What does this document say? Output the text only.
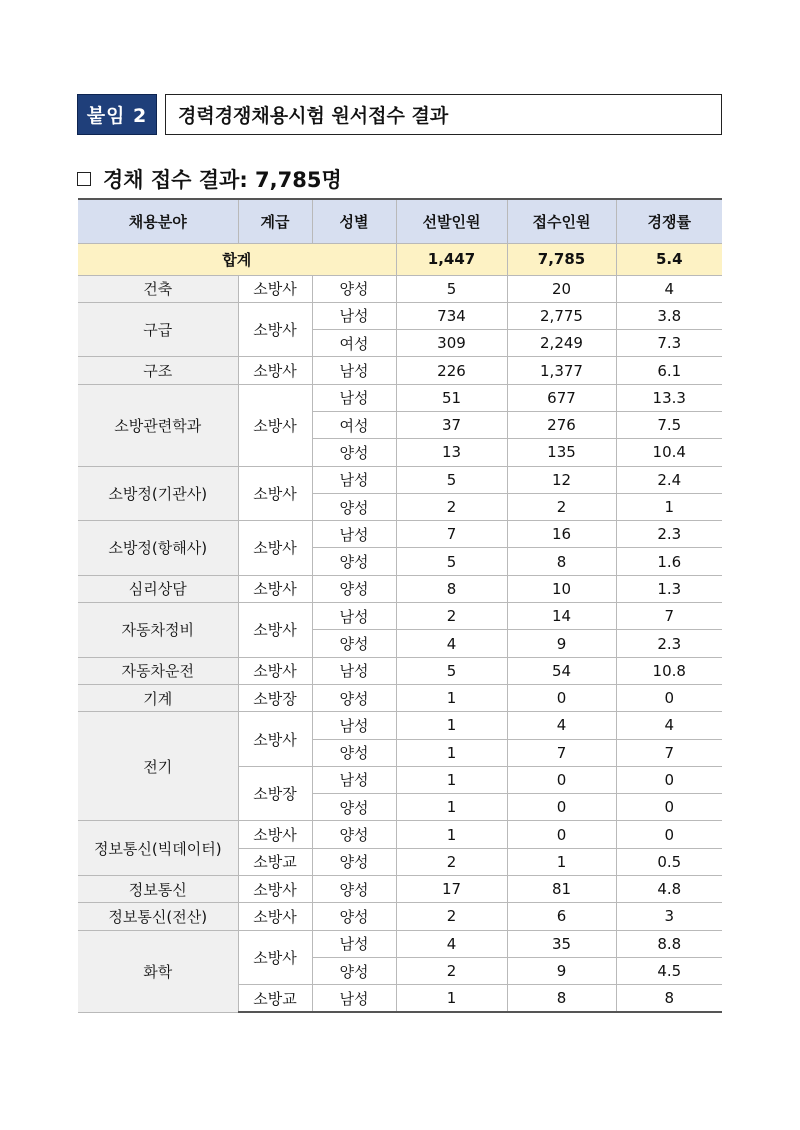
붙임 2	경력경쟁채용시험 원서접수 결과
경채 접수 결과: 7,785명
채용분야	계급	성별	선발인원	접수인원	경쟁률
합계			1,447	7,785	5.4
건축	소방사	양성	5	20	4
구급	소방사	남성	734	2,775	3.8
		여성	309	2,249	7.3
구조	소방사	남성	226	1,377	6.1
소방관련학과	소방사	남성	51	677	13.3
		여성	37	276	7.5
		양성	13	135	10.4
소방정(기관사)	소방사	남성	5	12	2.4
		양성	2	2	1
소방정(항해사)	소방사	남성	7	16	2.3
		양성	5	8	1.6
심리상담	소방사	양성	8	10	1.3
자동차정비	소방사	남성	2	14	7
		양성	4	9	2.3
자동차운전	소방사	남성	5	54	10.8
기계	소방장	양성	1	0	0
전기	소방사	남성	1	4	4
		양성	1	7	7
	소방장	남성	1	0	0
		양성	1	0	0
정보통신(빅데이터)	소방사	양성	1	0	0
	소방교	양성	2	1	0.5
정보통신	소방사	양성	17	81	4.8
정보통신(전산)	소방사	양성	2	6	3
화학	소방사	남성	4	35	8.8
		양성	2	9	4.5
	소방교	남성	1	8	8
